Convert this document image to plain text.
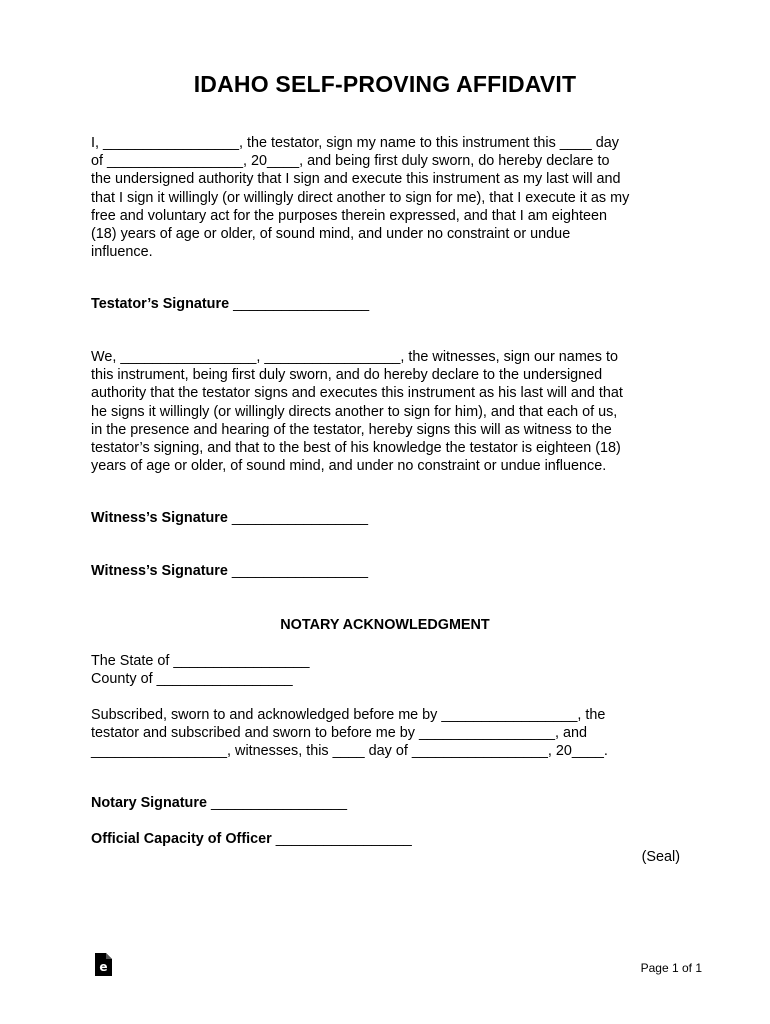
IDAHO SELF-PROVING AFFIDAVIT
I, _________________, the testator, sign my name to this instrument this ____ day
of _________________, 20____, and being first duly sworn, do hereby declare to
the undersigned authority that I sign and execute this instrument as my last will and
that I sign it willingly (or willingly direct another to sign for me), that I execute it as my
free and voluntary act for the purposes therein expressed, and that I am eighteen
(18) years of age or older, of sound mind, and under no constraint or undue
influence.
Testator’s Signature _________________
We, _________________, _________________, the witnesses, sign our names to
this instrument, being first duly sworn, and do hereby declare to the undersigned
authority that the testator signs and executes this instrument as his last will and that
he signs it willingly (or willingly directs another to sign for him), and that each of us,
in the presence and hearing of the testator, hereby signs this will as witness to the
testator’s signing, and that to the best of his knowledge the testator is eighteen (18)
years of age or older, of sound mind, and under no constraint or undue influence.
Witness’s Signature _________________
Witness’s Signature _________________
NOTARY ACKNOWLEDGMENT
The State of _________________
County of _________________
Subscribed, sworn to and acknowledged before me by _________________, the
testator and subscribed and sworn to before me by _________________, and
_________________, witnesses, this ____ day of _________________, 20____.
Notary Signature _________________
Official Capacity of Officer _________________
(Seal)
e	Page 1 of 1
